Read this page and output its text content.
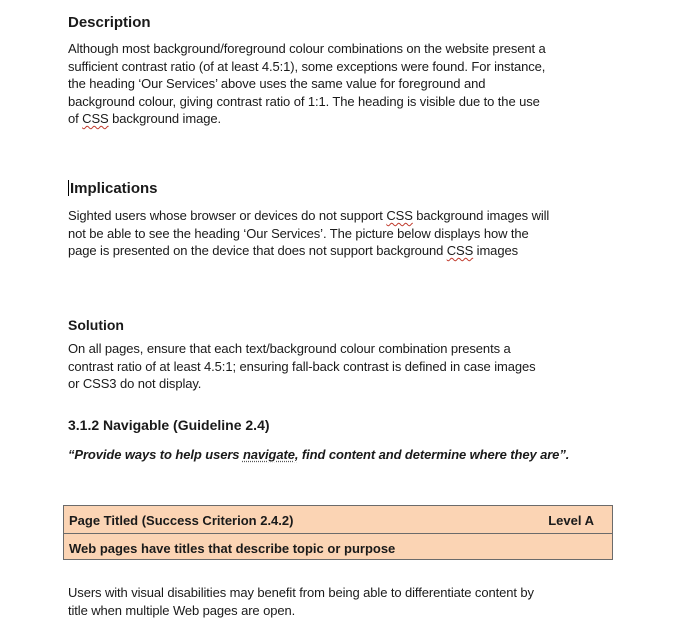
Description

Although most background/foreground colour combinations on the website present a
sufficient contrast ratio (of at least 4.5:1), some exceptions were found. For instance,
the heading ‘Our Services’ above uses the same value for foreground and
background colour, giving contrast ratio of 1:1. The heading is visible due to the use
of CSS background image.

Implications

Sighted users whose browser or devices do not support CSS background images will
not be able to see the heading ‘Our Services’. The picture below displays how the
page is presented on the device that does not support background CSS images

Solution

On all pages, ensure that each text/background colour combination presents a
contrast ratio of at least 4.5:1; ensuring fall-back contrast is defined in case images
or CSS3 do not display.

3.1.2 Navigable (Guideline 2.4)

“Provide ways to help users navigate, find content and determine where they are”.

Users with visual disabilities may benefit from being able to differentiate content by
title when multiple Web pages are open.

Page Titled (Success Criterion 2.4.2)	Level A
Web pages have titles that describe topic or purpose
